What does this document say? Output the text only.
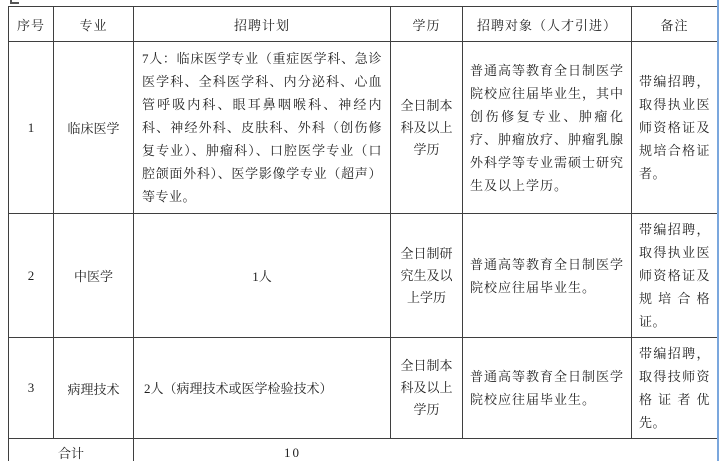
序号	专业	招聘计划	学历	招聘对象（人才引进）	备注
1	临床医学	7人：临床医学专业（重症医学科、急诊医学科、全科医学科、内分泌科、心血管呼吸内科、眼耳鼻咽喉科、神经内科、神经外科、皮肤科、外科（创伤修复专业）、肿瘤科）、口腔医学专业（口腔颌面外科）、医学影像学专业（超声）等专业。	全日制本科及以上学历	普通高等教育全日制医学院校应往届毕业生，其中创伤修复专业、肿瘤化疗、肿瘤放疗、肿瘤乳腺外科学等专业需硕士研究生及以上学历。	带编招聘，取得执业医师资格证及规培合格证者。
2	中医学	1人	全日制研究生及以上学历	普通高等教育全日制医学院校应往届毕业生。	带编招聘，取得执业医师资格证及规培合格证。
3	病理技术	2人（病理技术或医学检验技术）	全日制本科及以上学历	普通高等教育全日制医学院校应往届毕业生。	带编招聘，取得技师资格证者优先。
合计		10			
